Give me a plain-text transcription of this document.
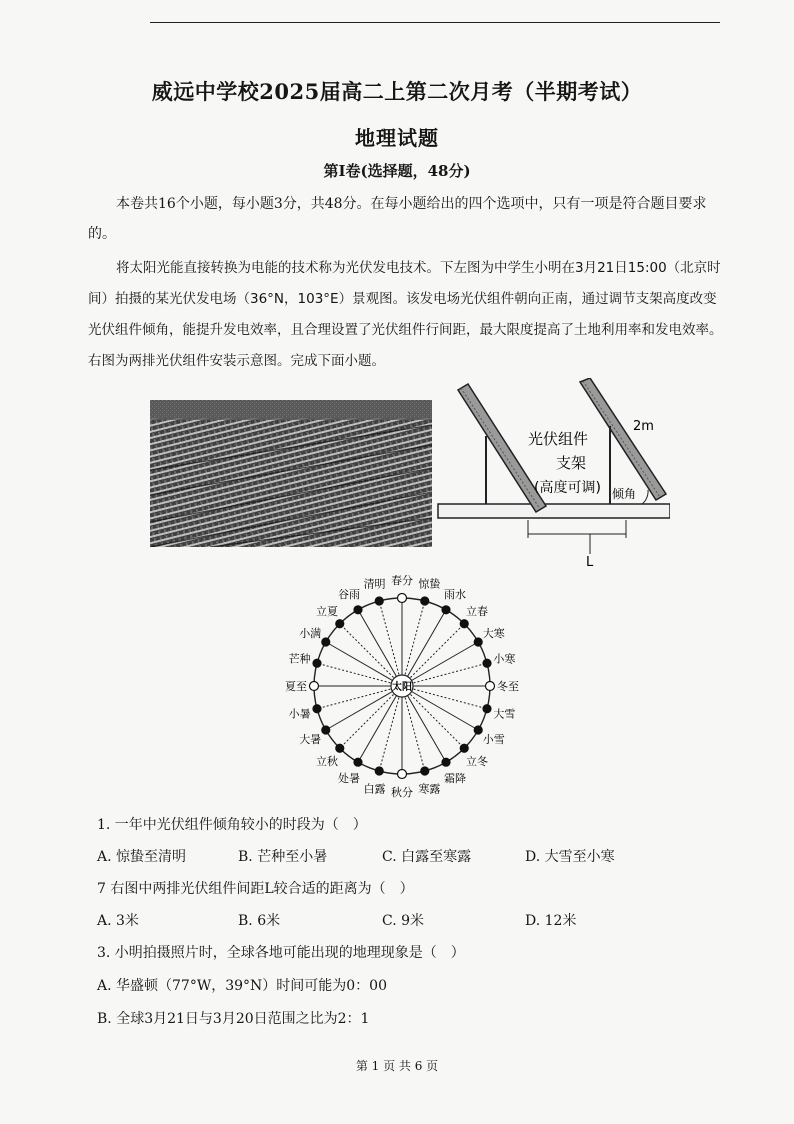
威远中学校2025届高二上第二次月考（半期考试）
地理试题
第Ⅰ卷(选择题，48分)
本卷共16个小题，每小题3分，共48分。在每小题给出的四个选项中，只有一项是符合题目要求的。
将太阳光能直接转换为电能的技术称为光伏发电技术。下左图为中学生小明在3月21日15:00（北京时间）拍摄的某光伏发电场（36°N，103°E）景观图。该发电场光伏组件朝向正南，通过调节支架高度改变光伏组件倾角，能提升发电效率，且合理设置了光伏组件行间距，最大限度提高了土地利用率和发电效率。右图为两排光伏组件安装示意图。完成下面小题。
2m
光伏组件
支架
(高度可调) 倾角
L
太阳
春分 惊蛰
雨水
立春
大寒
小寒
冬至
大雪
小雪
立冬
霜降
寒露
秋分
白露
处暑
立秋
大暑
小暑
夏至
芒种
小满
立夏
谷雨
清明
1. 一年中光伏组件倾角较小的时段为（　）
A. 惊蛰至清明	B. 芒种至小暑	C. 白露至寒露	D. 大雪至小寒
7 右图中两排光伏组件间距L较合适的距离为（　）
A. 3米	B. 6米	C. 9米	D. 12米
3. 小明拍摄照片时，全球各地可能出现的地理现象是（　）
A. 华盛顿（77°W，39°N）时间可能为0：00
B. 全球3月21日与3月20日范围之比为2：1
第 1 页 共 6 页
